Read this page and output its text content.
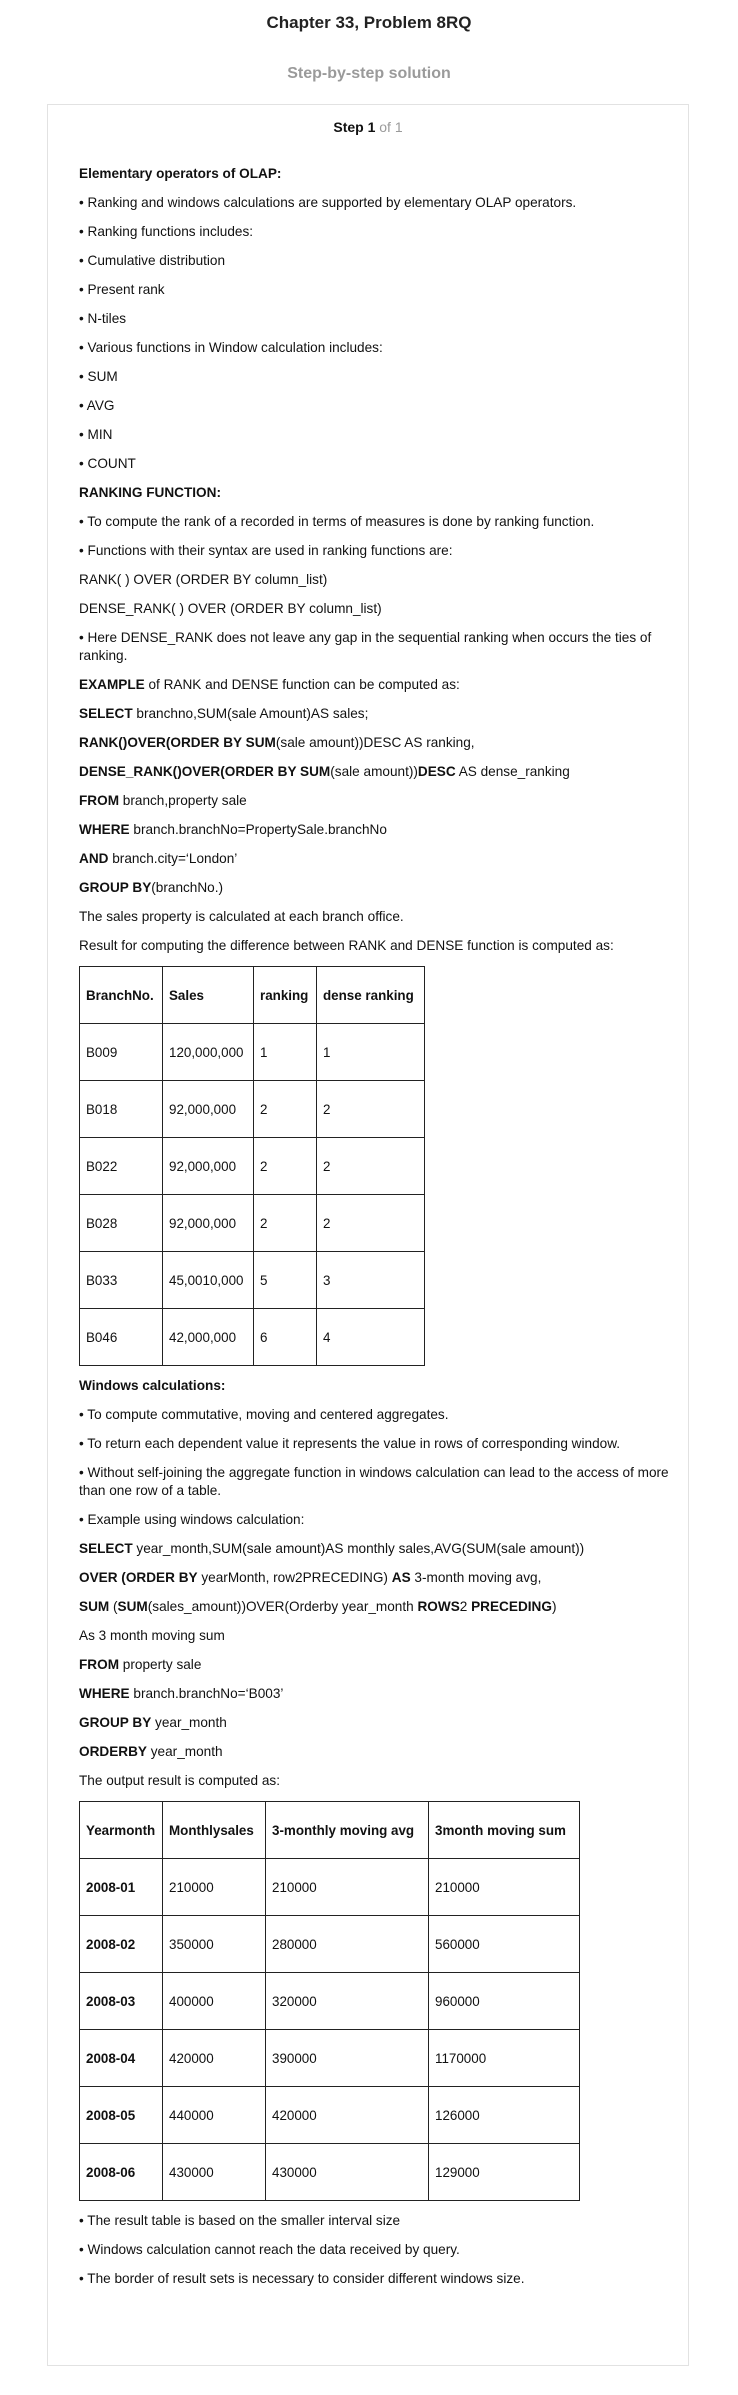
Chapter 33, Problem 8RQ
Step-by-step solution
Step 1 of 1

Elementary operators of OLAP:

• Ranking and windows calculations are supported by elementary OLAP operators.

• Ranking functions includes:

• Cumulative distribution

• Present rank

• N-tiles

• Various functions in Window calculation includes:

• SUM

• AVG

• MIN

• COUNT

RANKING FUNCTION:

• To compute the rank of a recorded in terms of measures is done by ranking function.

• Functions with their syntax are used in ranking functions are:

RANK( ) OVER (ORDER BY column_list)

DENSE_RANK( ) OVER (ORDER BY column_list)

• Here DENSE_RANK does not leave any gap in the sequential ranking when occurs the ties of ranking.

EXAMPLE of RANK and DENSE function can be computed as:

SELECT branchno,SUM(sale Amount)AS sales;

RANK()OVER(ORDER BY SUM(sale amount))DESC AS ranking,

DENSE_RANK()OVER(ORDER BY SUM(sale amount))DESC AS dense_ranking

FROM branch,property sale

WHERE branch.branchNo=PropertySale.branchNo

AND branch.city=‘London’

GROUP BY(branchNo.)

The sales property is calculated at each branch office.

Result for computing the difference between RANK and DENSE function is computed as:

BranchNo.	Sales	ranking	dense ranking
B009	120,000,000	1	1
B018	92,000,000	2	2
B022	92,000,000	2	2
B028	92,000,000	2	2
B033	45,0010,000	5	3
B046	42,000,000	6	4

Windows calculations:

• To compute commutative, moving and centered aggregates.

• To return each dependent value it represents the value in rows of corresponding window.

• Without self-joining the aggregate function in windows calculation can lead to the access of more than one row of a table.

• Example using windows calculation:

SELECT year_month,SUM(sale amount)AS monthly sales,AVG(SUM(sale amount))

OVER (ORDER BY yearMonth, row2PRECEDING) AS 3-month moving avg,

SUM (SUM(sales_amount))OVER(Orderby year_month ROWS2 PRECEDING)

As 3 month moving sum

FROM property sale

WHERE branch.branchNo=‘B003’

GROUP BY year_month

ORDERBY year_month

The output result is computed as:

Yearmonth	Monthlysales	3-monthly moving avg	3month moving sum
2008-01	210000	210000	210000
2008-02	350000	280000	560000
2008-03	400000	320000	960000
2008-04	420000	390000	1170000
2008-05	440000	420000	126000
2008-06	430000	430000	129000

• The result table is based on the smaller interval size

• Windows calculation cannot reach the data received by query.

• The border of result sets is necessary to consider different windows size.
